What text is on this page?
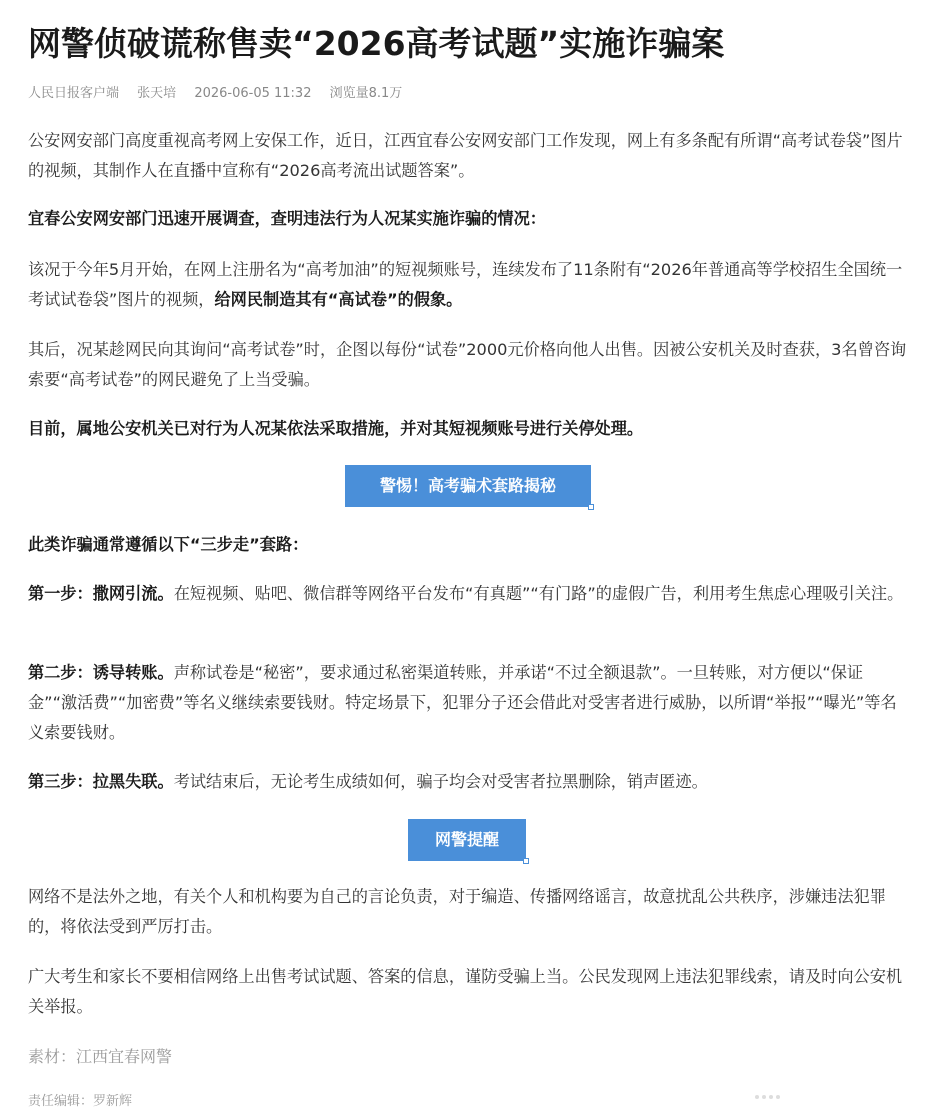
网警侦破谎称售卖“2026高考试题”实施诈骗案
人民日报客户端 张天培 2026-06-05 11:32 浏览量8.1万

公安网安部门高度重视高考网上安保工作，近日，江西宜春公安网安部门工作发现，网上有多条配有所谓“高考试卷袋”图片的视频，其制作人在直播中宣称有“2026高考流出试题答案”。

宜春公安网安部门迅速开展调查，查明违法行为人况某实施诈骗的情况：

该况于今年5月开始，在网上注册名为“高考加油”的短视频账号，连续发布了11条附有“2026年普通高等学校招生全国统一考试试卷袋”图片的视频，给网民制造其有“高试卷”的假象。

其后，况某趁网民向其询问“高考试卷”时，企图以每份“试卷”2000元价格向他人出售。因被公安机关及时查获，3名曾咨询索要“高考试卷”的网民避免了上当受骗。

目前，属地公安机关已对行为人况某依法采取措施，并对其短视频账号进行关停处理。

警惕！高考骗术套路揭秘

此类诈骗通常遵循以下“三步走”套路：

第一步：撒网引流。在短视频、贴吧、微信群等网络平台发布“有真题”“有门路”的虚假广告，利用考生焦虑心理吸引关注。

第二步：诱导转账。声称试卷是“秘密”，要求通过私密渠道转账，并承诺“不过全额退款”。一旦转账，对方便以“保证金”“激活费”“加密费”等名义继续索要钱财。特定场景下，犯罪分子还会借此对受害者进行威胁，以所谓“举报”“曝光”等名义索要钱财。

第三步：拉黑失联。考试结束后，无论考生成绩如何，骗子均会对受害者拉黑删除，销声匿迹。

网警提醒

网络不是法外之地，有关个人和机构要为自己的言论负责，对于编造、传播网络谣言，故意扰乱公共秩序，涉嫌违法犯罪的，将依法受到严厉打击。

广大考生和家长不要相信网络上出售考试试题、答案的信息，谨防受骗上当。公民发现网上违法犯罪线索，请及时向公安机关举报。

素材：江西宜春网警
责任编辑：罗新辉
